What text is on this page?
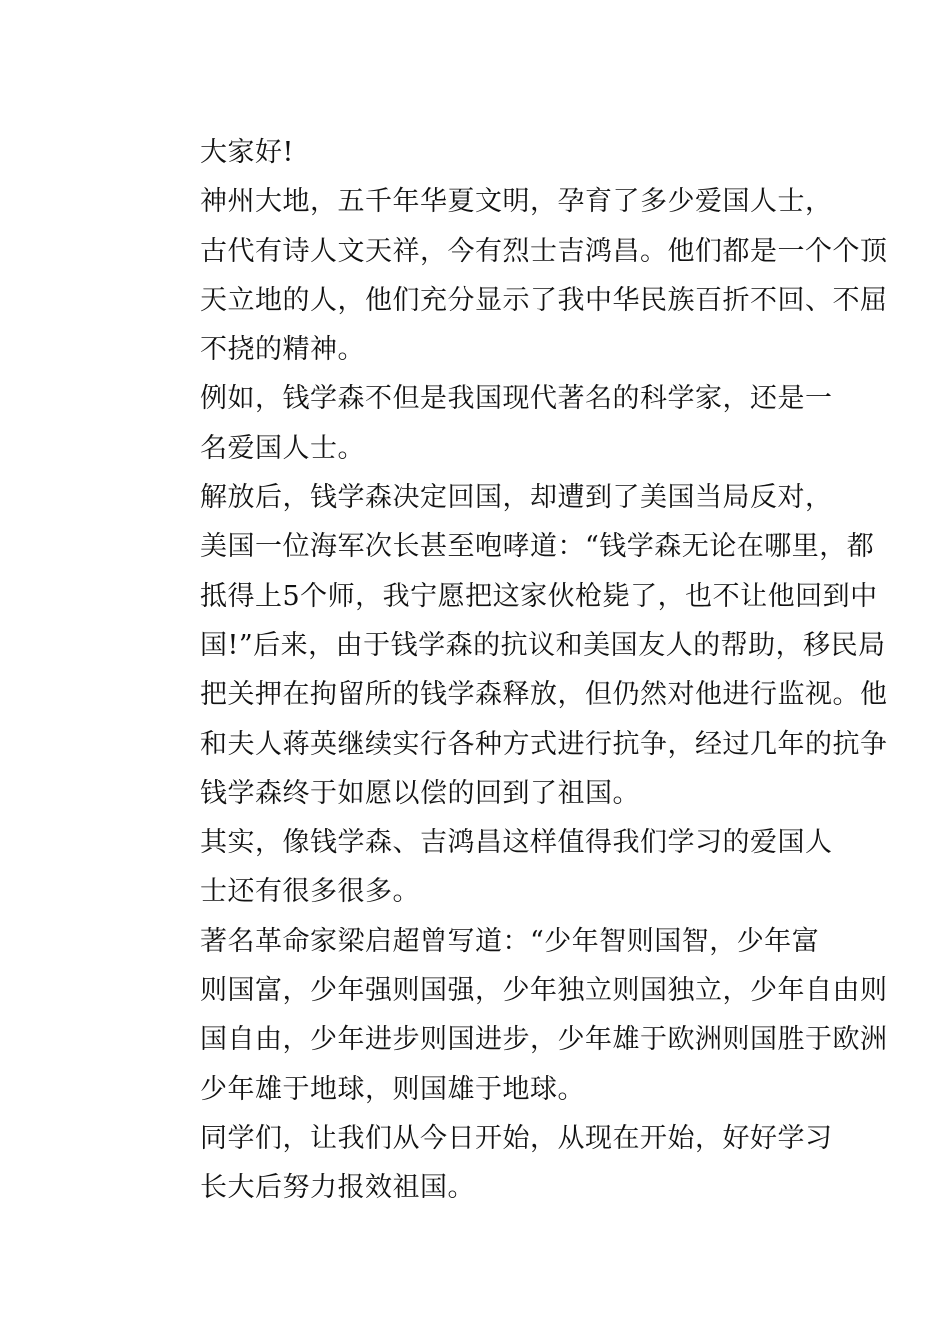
大家好!

神州大地，五千年华夏文明，孕育了多少爱国人士，
古代有诗人文天祥，今有烈士吉鸿昌。他们都是一个个顶
天立地的人，他们充分显示了我中华民族百折不回、不屈
不挠的精神。

例如，钱学森不但是我国现代著名的科学家，还是一
名爱国人士。

解放后，钱学森决定回国，却遭到了美国当局反对，
美国一位海军次长甚至咆哮道：“钱学森无论在哪里，都
抵得上5个师，我宁愿把这家伙枪毙了，也不让他回到中
国!”后来，由于钱学森的抗议和美国友人的帮助，移民局
把关押在拘留所的钱学森释放，但仍然对他进行监视。他
和夫人蒋英继续实行各种方式进行抗争，经过几年的抗争
钱学森终于如愿以偿的回到了祖国。

其实，像钱学森、吉鸿昌这样值得我们学习的爱国人
士还有很多很多。

著名革命家梁启超曾写道：“少年智则国智，少年富
则国富，少年强则国强，少年独立则国独立，少年自由则
国自由，少年进步则国进步，少年雄于欧洲则国胜于欧洲
少年雄于地球，则国雄于地球。

同学们，让我们从今日开始，从现在开始，好好学习
长大后努力报效祖国。
